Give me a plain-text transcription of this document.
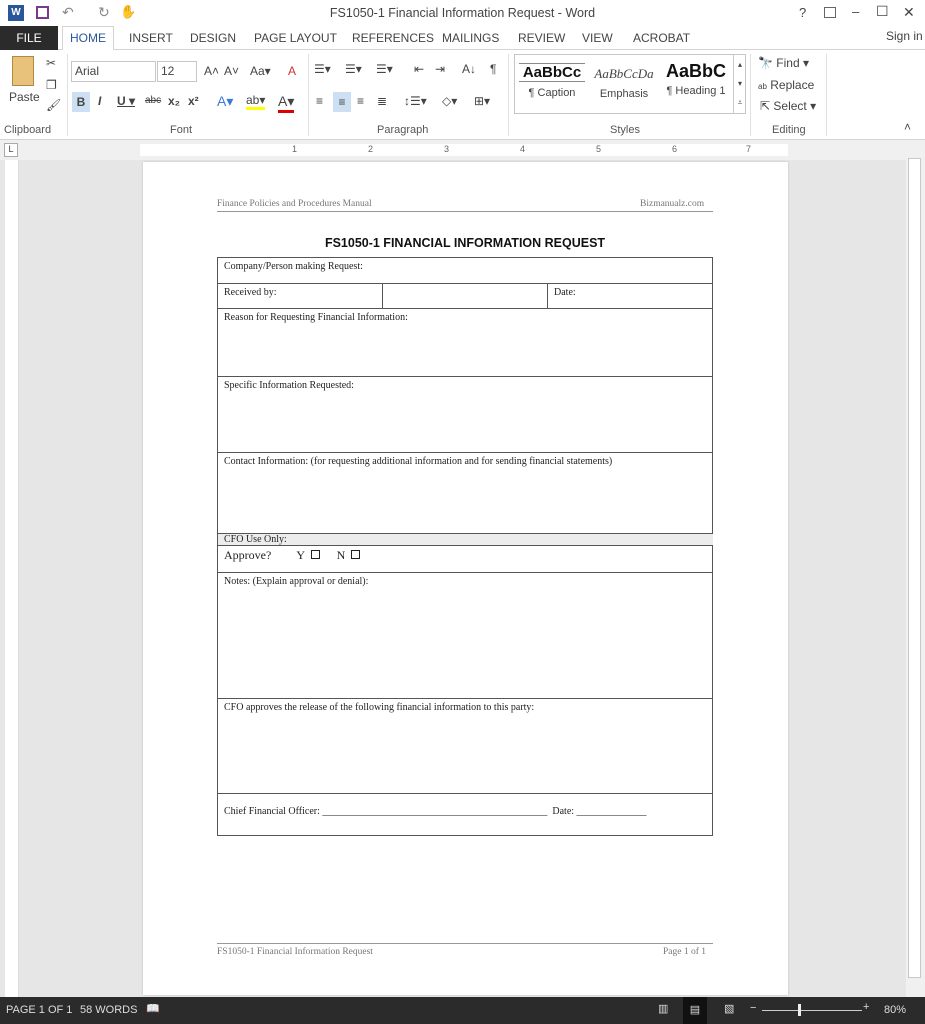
W	↶ ↻ ✋	FS1050-1 Financial Information Request - Word	?	– ☐ ✕
INSERT DESIGN PAGE LAYOUT REFERENCES MAILINGS REVIEW VIEW ACROBAT	Sign in
FILE	HOME
Paste
✂
❐
🖌
Clipboard
Arial	12	A˄ A˅ Aa▾ A
B	I U ▾ abc x₂ x² A▾ ab▾ A▾
Font
☰▾ ☰▾ ☰▾ ⇤ ⇥ A↓ ¶
≡	≡ ≡ ≣ ↕☰▾ ◇▾ ⊞▾
Paragraph
AaBbCc
¶ Caption
AaBbCcDa
Emphasis
AaBbC
¶ Heading 1
▴
▾
⩡
Styles
🔭 Find ▾
ab Replace
⇱ Select ▾
Editing	˄
L	1	2	3	4	5	6	7
Finance Policies and Procedures Manual	Bizmanualz.com
FS1050-1 FINANCIAL INFORMATION REQUEST
Company/Person making Request:
Received by:	Date:
Reason for Requesting Financial Information:
Specific Information Requested:
Contact Information: (for requesting additional information and for sending financial statements)
CFO Use Only:
Approve? Y	N
Notes: (Explain approval or denial):
CFO approves the release of the following financial information to this party:
Chief Financial Officer: _____________________________________________  Date: ______________
FS1050-1 Financial Information Request	Page 1 of 1
PAGE 1 OF 1 58 WORDS 📖	▥	▤	▧ −	+ 80%
